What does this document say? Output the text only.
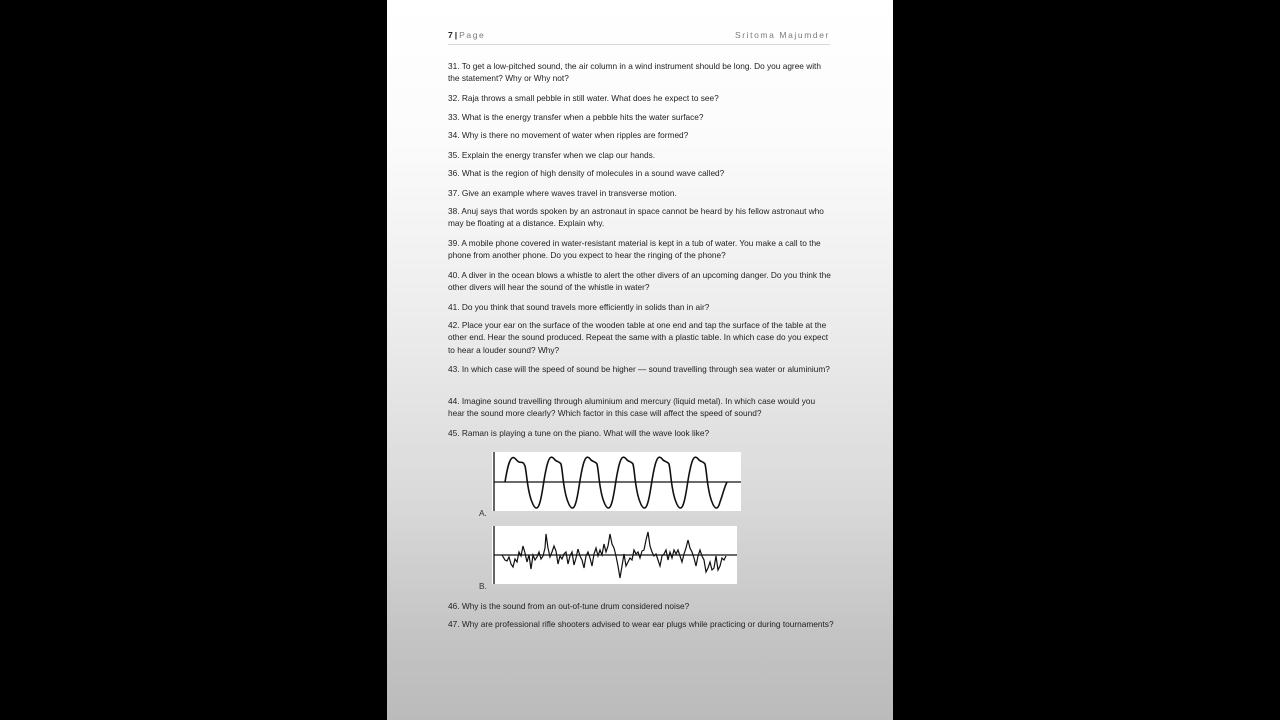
7 | Page	Sritoma Majumder
31. To get a low-pitched sound, the air column in a wind instrument should be long. Do you agree with the statement? Why or Why not?
32. Raja throws a small pebble in still water. What does he expect to see?
33. What is the energy transfer when a pebble hits the water surface?
34. Why is there no movement of water when ripples are formed?
35. Explain the energy transfer when we clap our hands.
36. What is the region of high density of molecules in a sound wave called?
37. Give an example where waves travel in transverse motion.
38. Anuj says that words spoken by an astronaut in space cannot be heard by his fellow astronaut who may be floating at a distance. Explain why.
39. A mobile phone covered in water-resistant material is kept in a tub of water. You make a call to the phone from another phone. Do you expect to hear the ringing of the phone?
40. A diver in the ocean blows a whistle to alert the other divers of an upcoming danger. Do you think the other divers will hear the sound of the whistle in water?
41. Do you think that sound travels more efficiently in solids than in air?
42. Place your ear on the surface of the wooden table at one end and tap the surface of the table at the other end. Hear the sound produced. Repeat the same with a plastic table. In which case do you expect to hear a louder sound? Why?
43. In which case will the speed of sound be higher — sound travelling through sea water or aluminium?
44. Imagine sound travelling through aluminium and mercury (liquid metal). In which case would you hear the sound more clearly? Which factor in this case will affect the speed of sound?
45. Raman is playing a tune on the piano. What will the wave look like?
A.
B.
46. Why is the sound from an out-of-tune drum considered noise?
47. Why are professional rifle shooters advised to wear ear plugs while practicing or during tournaments?
